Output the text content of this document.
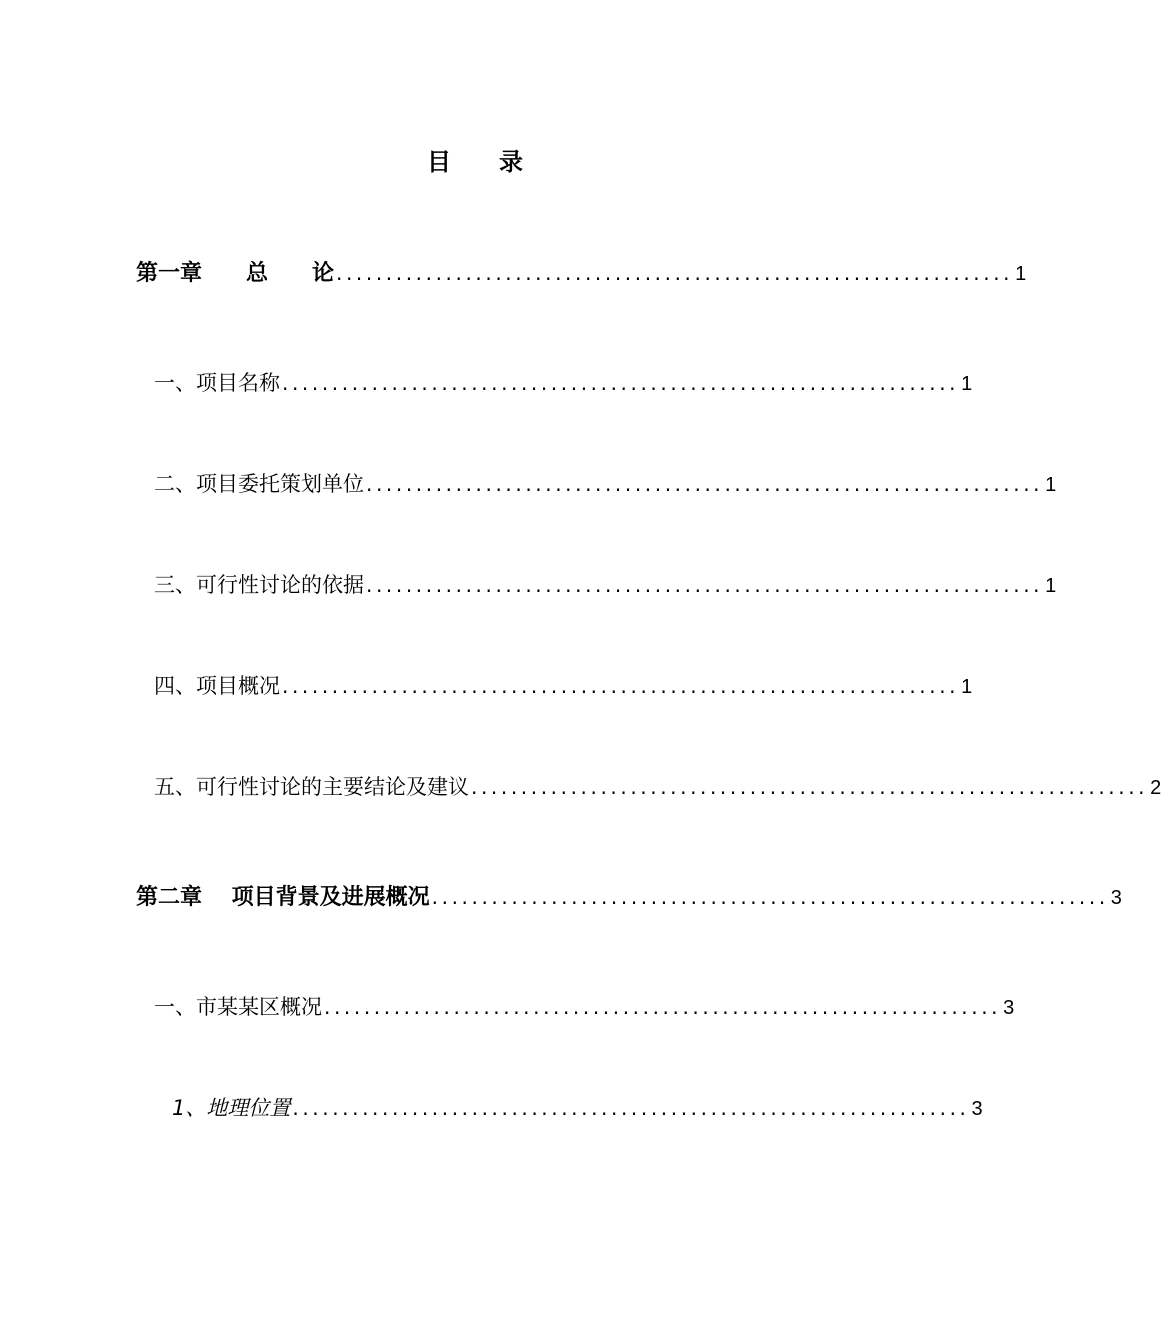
目录
第一章　　总　　论 .................................................................... 1
一、项目名称 .................................................................... 1
二、项目委托策划单位 .................................................................... 1
三、可行性讨论的依据 .................................................................... 1
四、项目概况 .................................................................... 1
五、可行性讨论的主要结论及建议 .................................................................... 2
第二章　 项目背景及进展概况 .................................................................... 3
一、市某某区概况 .................................................................... 3
1、地理位置 .................................................................... 3
